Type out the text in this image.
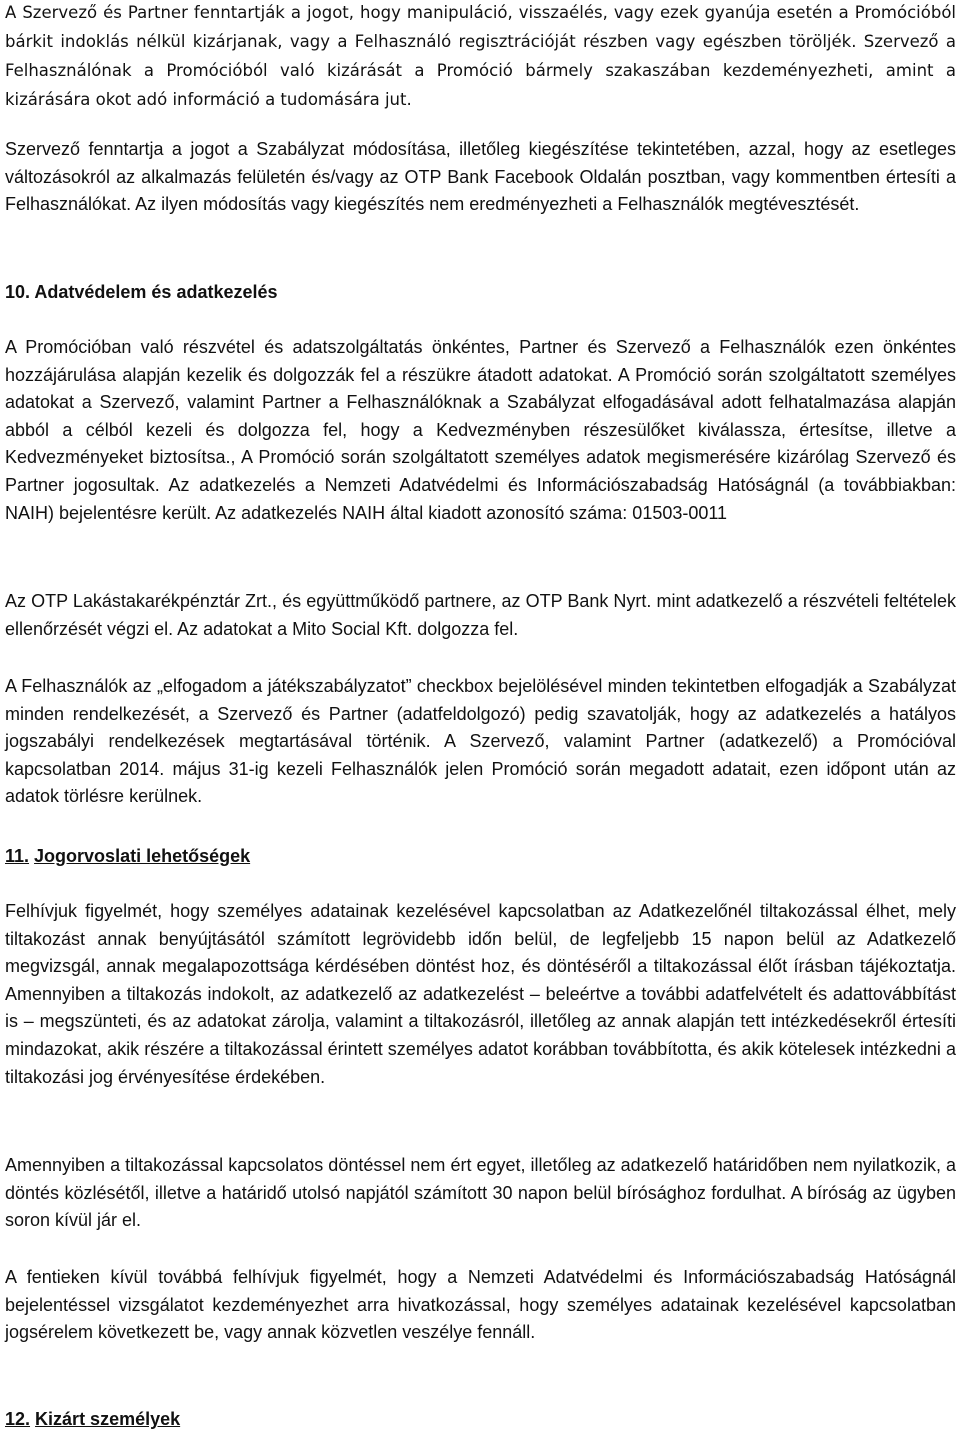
A Szervező és Partner fenntartják a jogot, hogy manipuláció, visszaélés, vagy ezek gyanúja esetén a Promócióból bárkit indoklás nélkül kizárjanak, vagy a Felhasználó regisztrációját részben vagy egészben töröljék. Szervező a Felhasználónak a Promócióból való kizárását a Promóció bármely szakaszában kezdeményezheti, amint a kizárására okot adó információ a tudomására jut.

Szervező fenntartja a jogot a Szabályzat módosítása, illetőleg kiegészítése tekintetében, azzal, hogy az esetleges változásokról az alkalmazás felületén és/vagy az OTP Bank Facebook Oldalán posztban, vagy kommentben értesíti a Felhasználókat. Az ilyen módosítás vagy kiegészítés nem eredményezheti a Felhasználók megtévesztését.

10. Adatvédelem és adatkezelés

A Promócióban való részvétel és adatszolgáltatás önkéntes, Partner és Szervező a Felhasználók ezen önkéntes hozzájárulása alapján kezelik és dolgozzák fel a részükre átadott adatokat. A Promóció során szolgáltatott személyes adatokat a Szervező, valamint Partner a Felhasználóknak a Szabályzat elfogadásával adott felhatalmazása alapján abból a célból kezeli és dolgozza fel, hogy a Kedvezményben részesülőket kiválassza, értesítse, illetve a Kedvezményeket biztosítsa., A Promóció során szolgáltatott személyes adatok megismerésére kizárólag Szervező és Partner jogosultak. Az adatkezelés a Nemzeti Adatvédelmi és Információszabadság Hatóságnál (a továbbiakban: NAIH) bejelentésre került. Az adatkezelés NAIH által kiadott azonosító száma: 01503-0011

Az OTP Lakástakarékpénztár Zrt., és együttműködő partnere, az OTP Bank Nyrt. mint adatkezelő a részvételi feltételek ellenőrzését végzi el. Az adatokat a Mito Social Kft. dolgozza fel.

A Felhasználók az „elfogadom a játékszabályzatot” checkbox bejelölésével minden tekintetben elfogadják a Szabályzat minden rendelkezését, a Szervező és Partner (adatfeldolgozó) pedig szavatolják, hogy az adatkezelés a hatályos jogszabályi rendelkezések megtartásával történik. A Szervező, valamint Partner (adatkezelő) a Promócióval kapcsolatban 2014. május 31-ig kezeli Felhasználók jelen Promóció során megadott adatait, ezen időpont után az adatok törlésre kerülnek.

11. Jogorvoslati lehetőségek

Felhívjuk figyelmét, hogy személyes adatainak kezelésével kapcsolatban az Adatkezelőnél tiltakozással élhet, mely tiltakozást annak benyújtásától számított legrövidebb időn belül, de legfeljebb 15 napon belül az Adatkezelő megvizsgál, annak megalapozottsága kérdésében döntést hoz, és döntéséről a tiltakozással élőt írásban tájékoztatja. Amennyiben a tiltakozás indokolt, az adatkezelő az adatkezelést – beleértve a további adatfelvételt és adattovábbítást is – megszünteti, és az adatokat zárolja, valamint a tiltakozásról, illetőleg az annak alapján tett intézkedésekről értesíti mindazokat, akik részére a tiltakozással érintett személyes adatot korábban továbbította, és akik kötelesek intézkedni a tiltakozási jog érvényesítése érdekében.

Amennyiben a tiltakozással kapcsolatos döntéssel nem ért egyet, illetőleg az adatkezelő határidőben nem nyilatkozik, a döntés közlésétől, illetve a határidő utolsó napjától számított 30 napon belül bírósághoz fordulhat. A bíróság az ügyben soron kívül jár el.

A fentieken kívül továbbá felhívjuk figyelmét, hogy a Nemzeti Adatvédelmi és Információszabadság Hatóságnál bejelentéssel vizsgálatot kezdeményezhet arra hivatkozással, hogy személyes adatainak kezelésével kapcsolatban jogsérelem következett be, vagy annak közvetlen veszélye fennáll.

12. Kizárt személyek
